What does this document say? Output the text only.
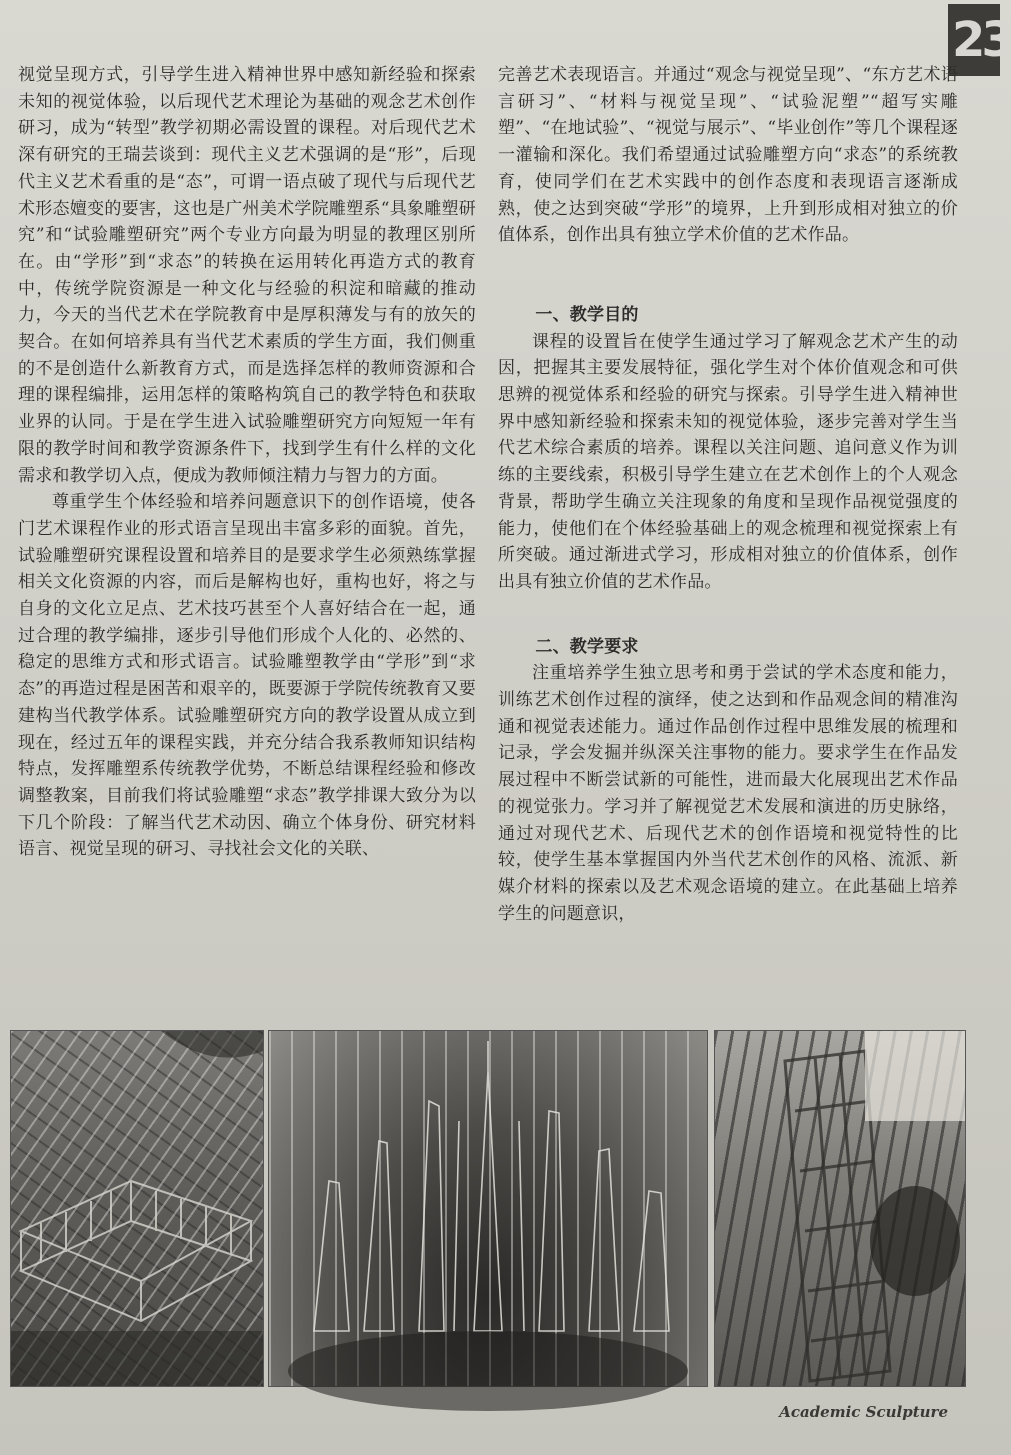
23

视觉呈现方式，引导学生进入精神世界中感知新经验和探索未知的视觉体验，以后现代艺术理论为基础的观念艺术创作研习，成为“转型”教学初期必需设置的课程。对后现代艺术深有研究的王瑞芸谈到：现代主义艺术强调的是“形”，后现代主义艺术看重的是“态”，可谓一语点破了现代与后现代艺术形态嬗变的要害，这也是广州美术学院雕塑系“具象雕塑研究”和“试验雕塑研究”两个专业方向最为明显的教理区别所在。由“学形”到“求态”的转换在运用转化再造方式的教育中，传统学院资源是一种文化与经验的积淀和暗藏的推动力，今天的当代艺术在学院教育中是厚积薄发与有的放矢的契合。在如何培养具有当代艺术素质的学生方面，我们侧重的不是创造什么新教育方式，而是选择怎样的教师资源和合理的课程编排，运用怎样的策略构筑自己的教学特色和获取业界的认同。于是在学生进入试验雕塑研究方向短短一年有限的教学时间和教学资源条件下，找到学生有什么样的文化需求和教学切入点，便成为教师倾注精力与智力的方面。

尊重学生个体经验和培养问题意识下的创作语境，使各门艺术课程作业的形式语言呈现出丰富多彩的面貌。首先，试验雕塑研究课程设置和培养目的是要求学生必须熟练掌握相关文化资源的内容，而后是解构也好，重构也好，将之与自身的文化立足点、艺术技巧甚至个人喜好结合在一起，通过合理的教学编排，逐步引导他们形成个人化的、必然的、稳定的思维方式和形式语言。试验雕塑教学由“学形”到“求态”的再造过程是困苦和艰辛的，既要源于学院传统教育又要建构当代教学体系。试验雕塑研究方向的教学设置从成立到现在，经过五年的课程实践，并充分结合我系教师知识结构特点，发挥雕塑系传统教学优势，不断总结课程经验和修改调整教案，目前我们将试验雕塑“求态”教学排课大致分为以下几个阶段：了解当代艺术动因、确立个体身份、研究材料语言、视觉呈现的研习、寻找社会文化的关联、

完善艺术表现语言。并通过“观念与视觉呈现”、“东方艺术语言研习”、“材料与视觉呈现”、“试验泥塑”“超写实雕塑”、“在地试验”、“视觉与展示”、“毕业创作”等几个课程逐一灌输和深化。我们希望通过试验雕塑方向“求态”的系统教育，使同学们在艺术实践中的创作态度和表现语言逐渐成熟，使之达到突破“学形”的境界，上升到形成相对独立的价值体系，创作出具有独立学术价值的艺术作品。

一、教学目的

课程的设置旨在使学生通过学习了解观念艺术产生的动因，把握其主要发展特征，强化学生对个体价值观念和可供思辨的视觉体系和经验的研究与探索。引导学生进入精神世界中感知新经验和探索未知的视觉体验，逐步完善对学生当代艺术综合素质的培养。课程以关注问题、追问意义作为训练的主要线索，积极引导学生建立在艺术创作上的个人观念背景，帮助学生确立关注现象的角度和呈现作品视觉强度的能力，使他们在个体经验基础上的观念梳理和视觉探索上有所突破。通过渐进式学习，形成相对独立的价值体系，创作出具有独立价值的艺术作品。

二、教学要求

注重培养学生独立思考和勇于尝试的学术态度和能力，训练艺术创作过程的演绎，使之达到和作品观念间的精准沟通和视觉表述能力。通过作品创作过程中思维发展的梳理和记录，学会发掘并纵深关注事物的能力。要求学生在作品发展过程中不断尝试新的可能性，进而最大化展现出艺术作品的视觉张力。学习并了解视觉艺术发展和演进的历史脉络，通过对现代艺术、后现代艺术的创作语境和视觉特性的比较，使学生基本掌握国内外当代艺术创作的风格、流派、新媒介材料的探索以及艺术观念语境的建立。在此基础上培养学生的问题意识，

Academic Sculpture
